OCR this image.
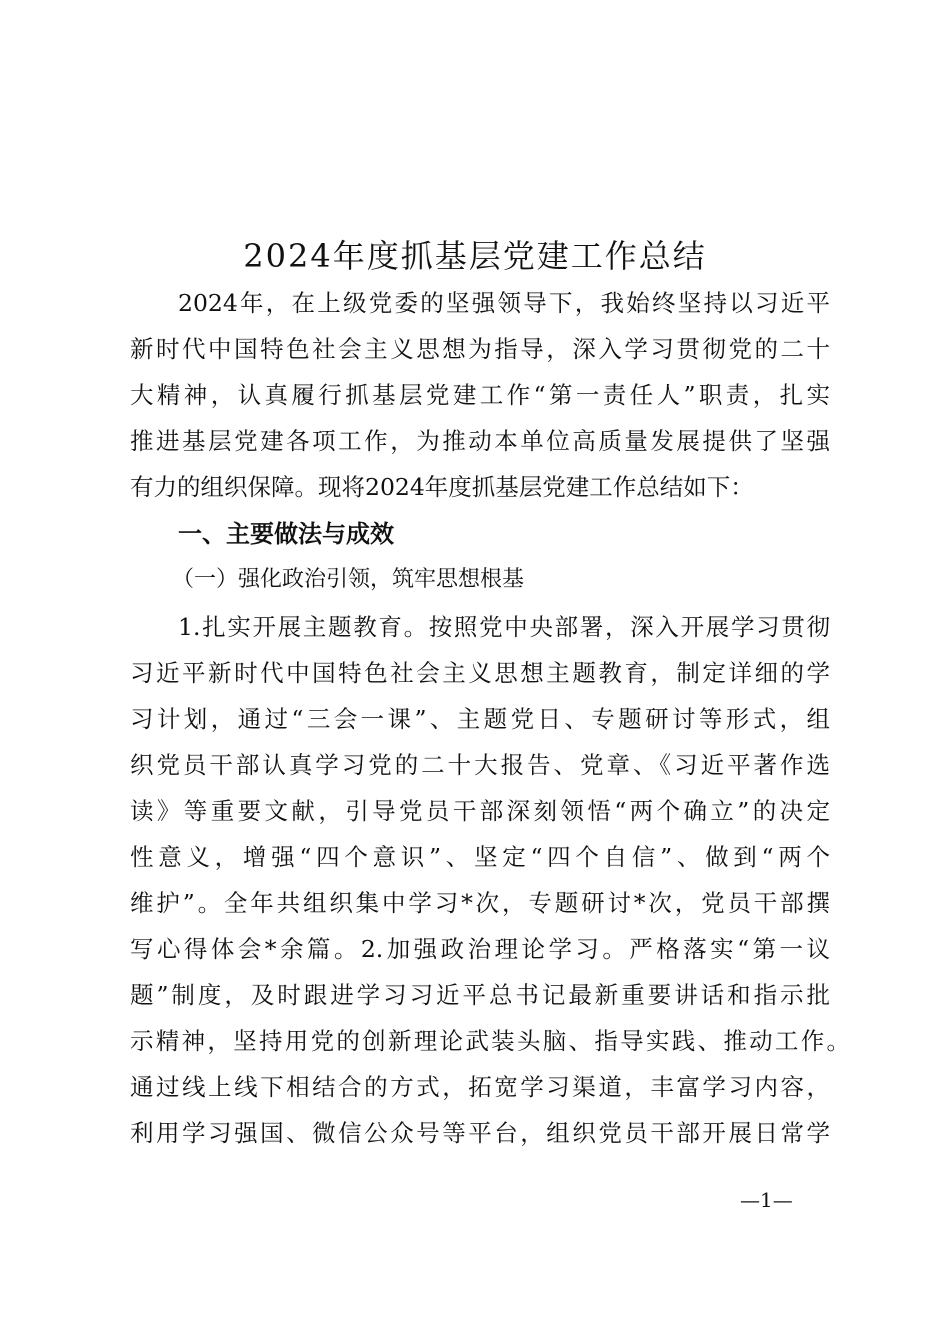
2024年度抓基层党建工作总结
2024年，在上级党委的坚强领导下，我始终坚持以习近平
新时代中国特色社会主义思想为指导，深入学习贯彻党的二十
大精神，认真履行抓基层党建工作“第一责任人”职责，扎实
推进基层党建各项工作，为推动本单位高质量发展提供了坚强
有力的组织保障。现将2024年度抓基层党建工作总结如下：
一、主要做法与成效
（一）强化政治引领，筑牢思想根基
1.扎实开展主题教育。按照党中央部署，深入开展学习贯彻
习近平新时代中国特色社会主义思想主题教育，制定详细的学
习计划，通过“三会一课”、主题党日、专题研讨等形式，组
织党员干部认真学习党的二十大报告、党章、《习近平著作选
读》等重要文献，引导党员干部深刻领悟“两个确立”的决定
性意义，增强“四个意识”、坚定“四个自信”、做到“两个
维护”。全年共组织集中学习*次，专题研讨*次，党员干部撰
写心得体会*余篇。2.加强政治理论学习。严格落实“第一议
题”制度，及时跟进学习习近平总书记最新重要讲话和指示批
示精神，坚持用党的创新理论武装头脑、指导实践、推动工作。
通过线上线下相结合的方式，拓宽学习渠道，丰富学习内容，
利用学习强国、微信公众号等平台，组织党员干部开展日常学
—1—
